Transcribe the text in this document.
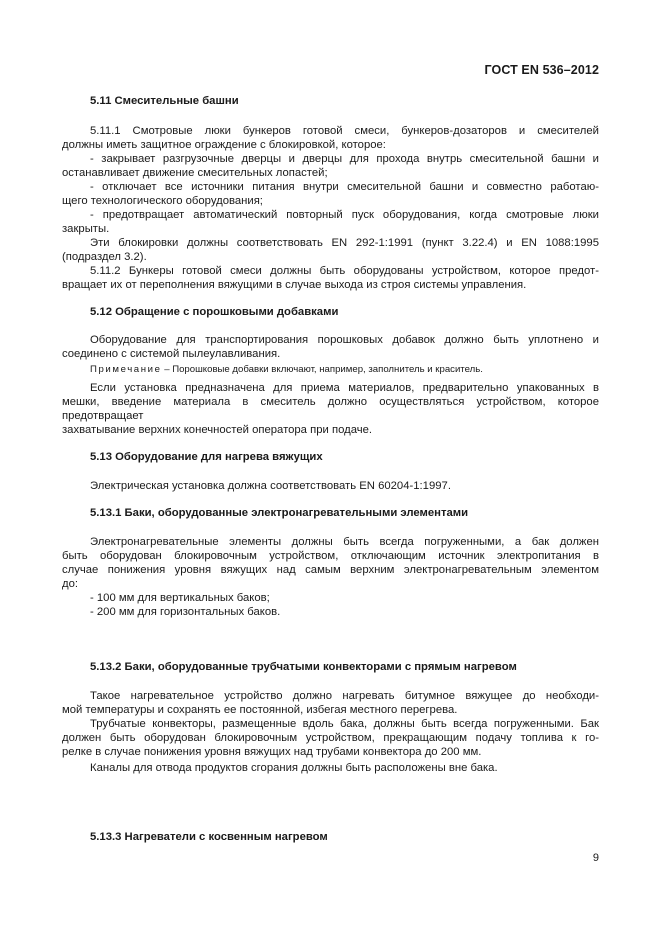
ГОСТ EN 536–2012
5.11 Смесительные башни
5.11.1 Смотровые люки бункеров готовой смеси, бункеров-дозаторов и смесителей
должны иметь защитное ограждение с блокировкой, которое:
- закрывает разгрузочные дверцы и дверцы для прохода внутрь смесительной башни и
останавливает движение смесительных лопастей;
- отключает все источники питания внутри смесительной башни и совместно работаю-
щего технологического оборудования;
- предотвращает автоматический повторный пуск оборудования, когда смотровые люки
закрыты.
Эти блокировки должны соответствовать EN 292-1:1991 (пункт 3.22.4) и EN 1088:1995
(подраздел 3.2).
5.11.2 Бункеры готовой смеси должны быть оборудованы устройством, которое предот-
вращает их от переполнения вяжущими в случае выхода из строя системы управления.
5.12 Обращение с порошковыми добавками
Оборудование для транспортирования порошковых добавок должно быть уплотнено и
соединено с системой пылеулавливания.
Примечание – Порошковые добавки включают, например, заполнитель и краситель.
Если установка предназначена для приема материалов, предварительно упакованных в
мешки, введение материала в смеситель должно осуществляться устройством, которое
предотвращает
захватывание верхних конечностей оператора при подаче.
5.13 Оборудование для нагрева вяжущих
Электрическая установка должна соответствовать EN 60204-1:1997.
5.13.1 Баки, оборудованные электронагревательными элементами
Электронагревательные элементы должны быть всегда погруженными, а бак должен
быть оборудован блокировочным устройством, отключающим источник электропитания в
случае понижения уровня вяжущих над самым верхним электронагревательным элементом
до:
- 100 мм для вертикальных баков;
- 200 мм для горизонтальных баков.
5.13.2 Баки, оборудованные трубчатыми конвекторами с прямым нагревом
Такое нагревательное устройство должно нагревать битумное вяжущее до необходи-
мой температуры и сохранять ее постоянной, избегая местного перегрева.
Трубчатые конвекторы, размещенные вдоль бака, должны быть всегда погруженными. Бак
должен быть оборудован блокировочным устройством, прекращающим подачу топлива к го-
релке в случае понижения уровня вяжущих над трубами конвектора до 200 мм.
Каналы для отвода продуктов сгорания должны быть расположены вне бака.
5.13.3 Нагреватели с косвенным нагревом
9
